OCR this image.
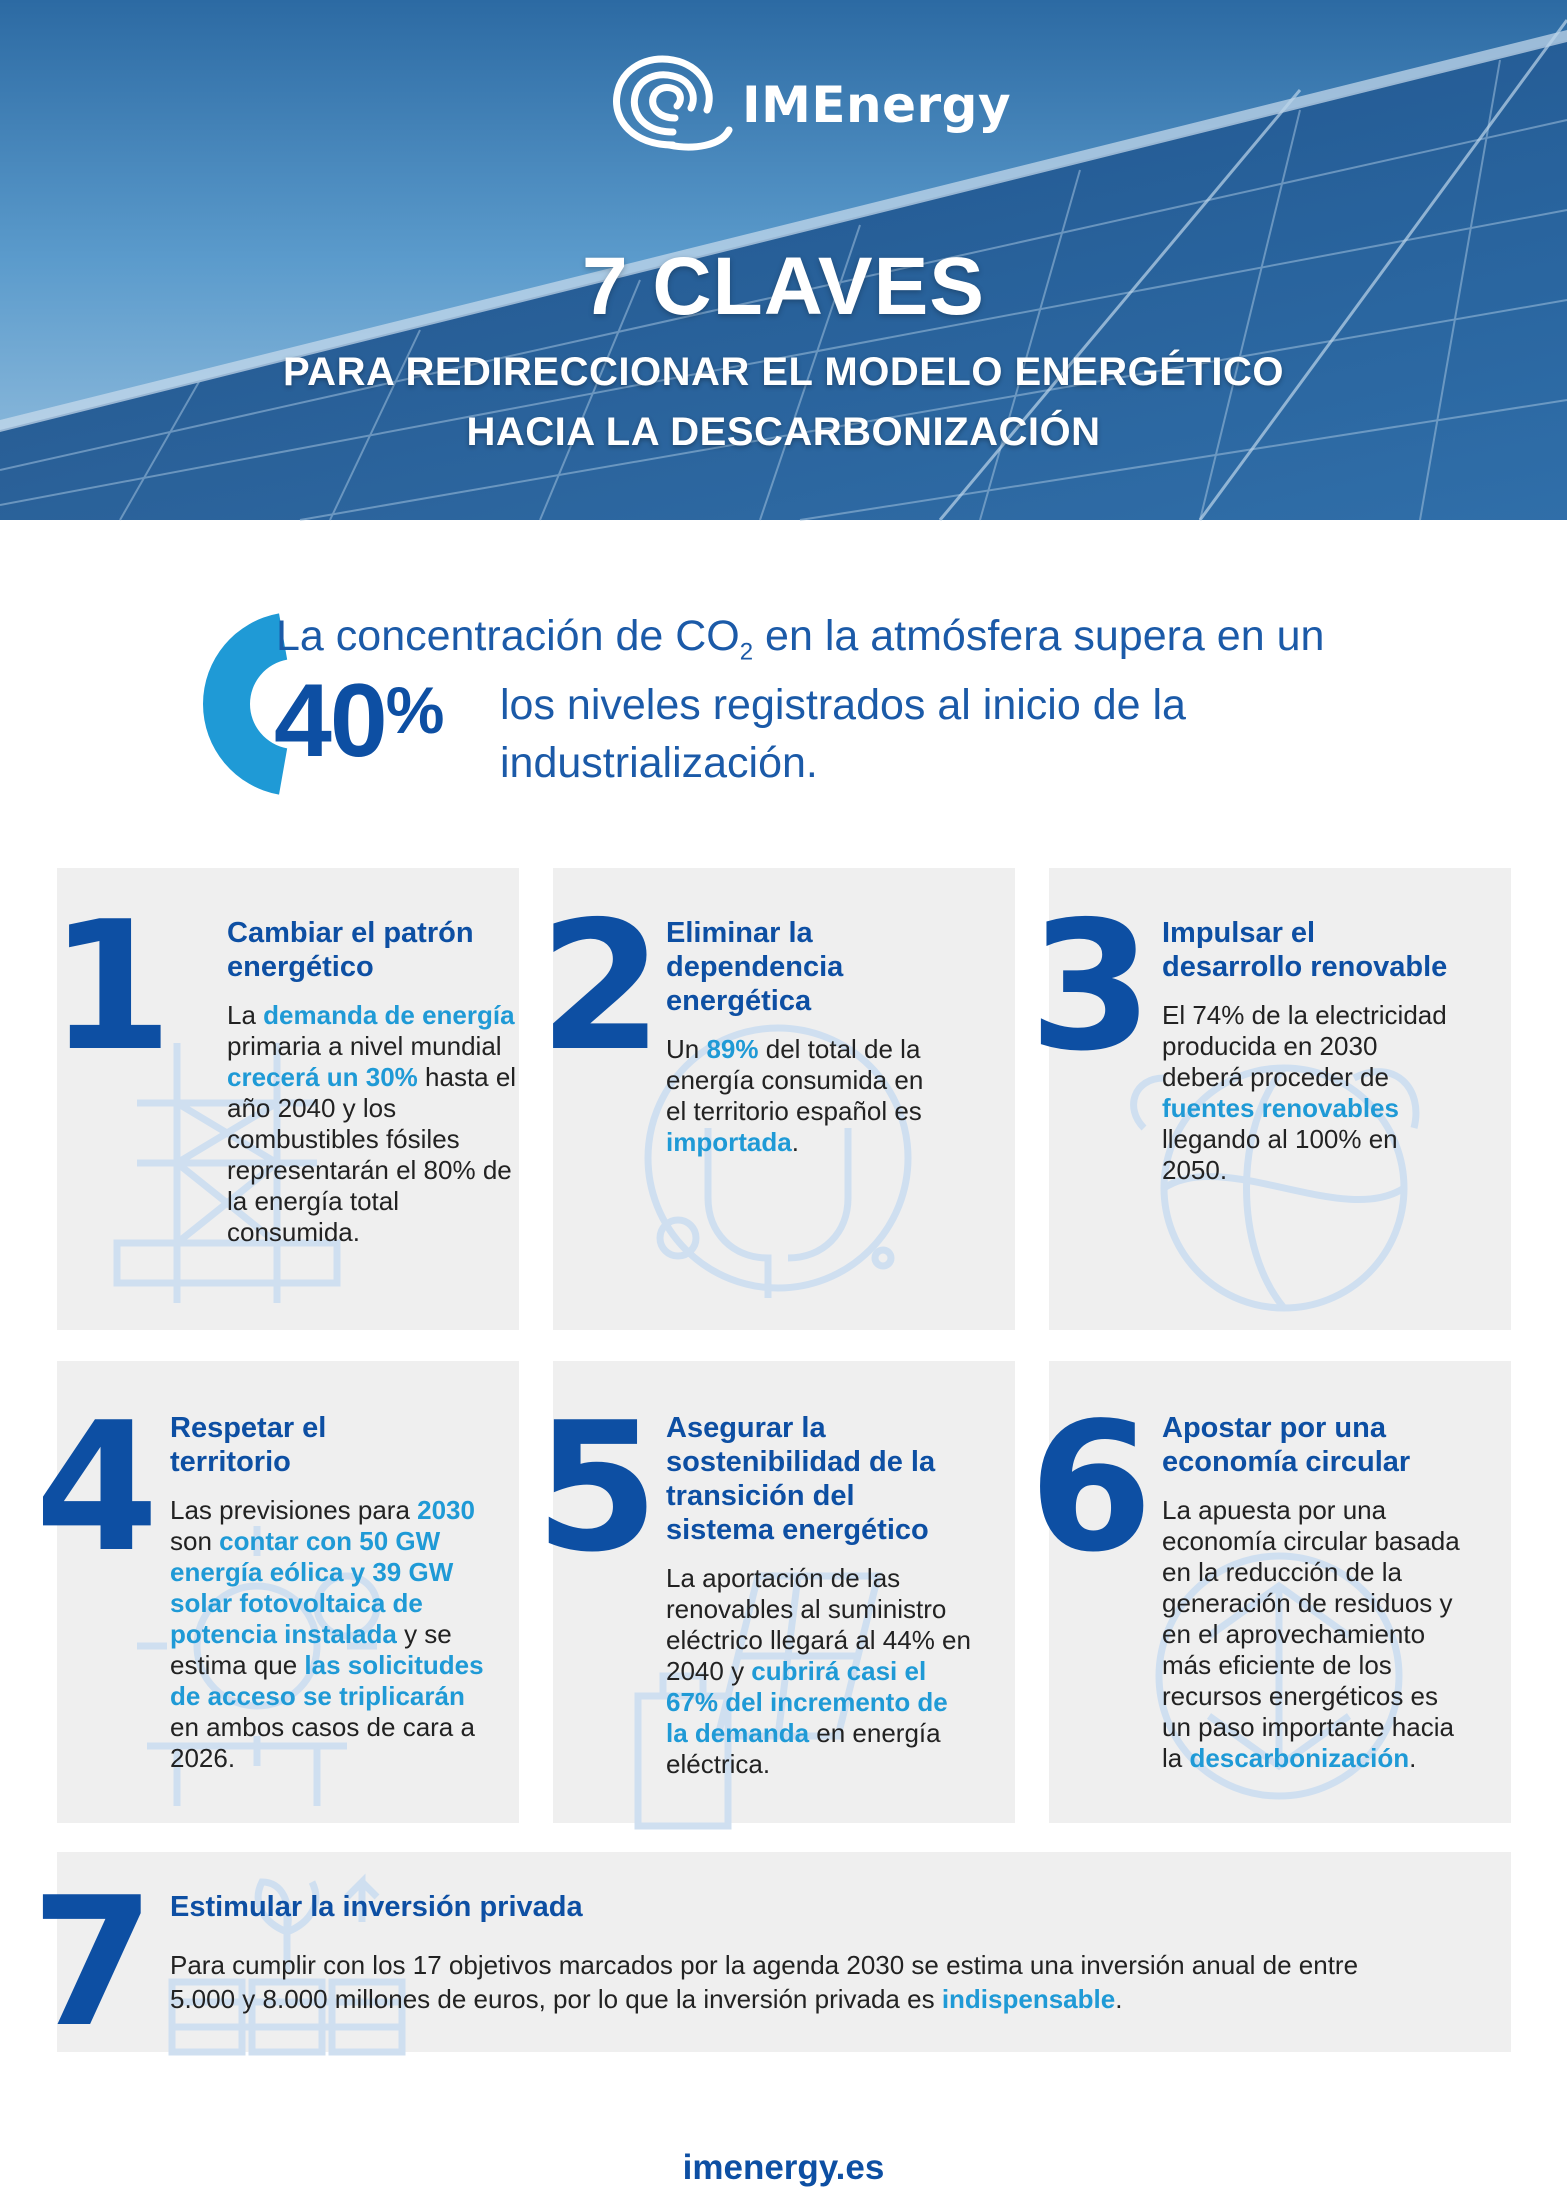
IMEnergy
7 CLAVES
PARA REDIRECCIONAR EL MODELO ENERGÉTICO
HACIA LA DESCARBONIZACIÓN
La concentración de $CO_2$ en la atmósfera supera en un
40% los niveles registrados al inicio de la
industrialización.
1 Cambiar el patrón
energético
La demanda de energía
primaria a nivel mundial
crecerá un 30% hasta el
año 2040 y los
combustibles fósiles
representarán el 80% de
la energía total
consumida.
2 Eliminar la
dependencia
energética
Un 89% del total de la
energía consumida en
el territorio español es
importada.
3 Impulsar el
desarrollo renovable
El 74% de la electricidad
producida en 2030
deberá proceder de
fuentes renovables
llegando al 100% en
2050.
4 Respetar el
territorio
Las previsiones para 2030
son contar con 50 GW
energía eólica y 39 GW
solar fotovoltaica de
potencia instalada y se
estima que las solicitudes
de acceso se triplicarán
en ambos casos de cara a
2026.
5 Asegurar la
sostenibilidad de la
transición del
sistema energético
La aportación de las
renovables al suministro
eléctrico llegará al 44% en
2040 y cubrirá casi el
67% del incremento de
la demanda en energía
eléctrica.
6 Apostar por una
economía circular
La apuesta por una
economía circular basada
en la reducción de la
generación de residuos y
en el aprovechamiento
más eficiente de los
recursos energéticos es
un paso importante hacia
la descarbonización.
7 Estimular la inversión privada
Para cumplir con los 17 objetivos marcados por la agenda 2030 se estima una inversión anual de entre
5.000 y 8.000 millones de euros, por lo que la inversión privada es indispensable.
imenergy.es
